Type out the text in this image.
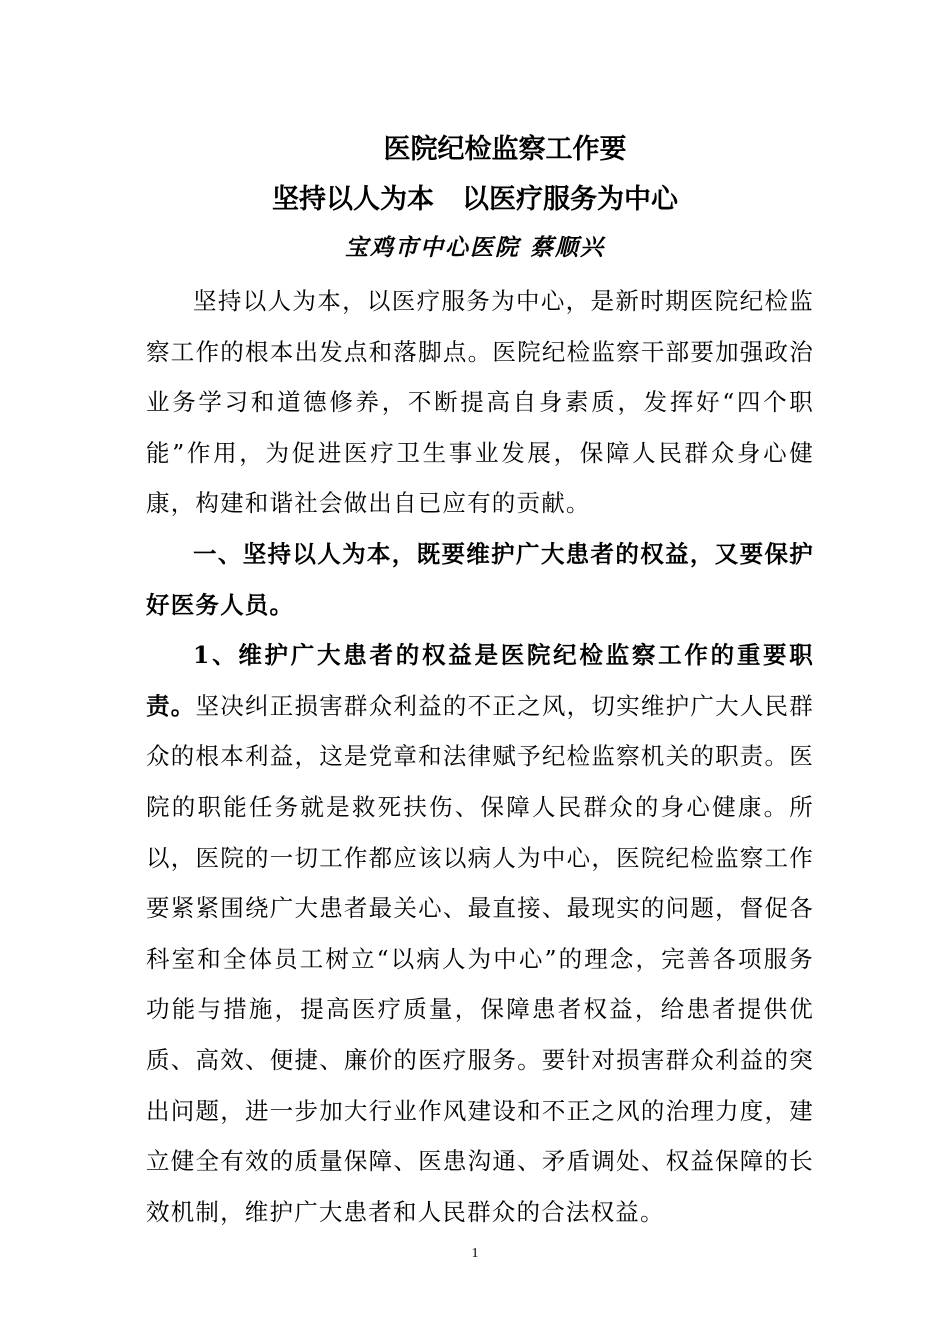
医院纪检监察工作要
坚持以人为本 以医疗服务为中心
宝鸡市中心医院 蔡顺兴

坚持以人为本，以医疗服务为中心，是新时期医院纪检监察工作的根本出发点和落脚点。医院纪检监察干部要加强政治业务学习和道德修养，不断提高自身素质，发挥好“四个职能”作用，为促进医疗卫生事业发展，保障人民群众身心健康，构建和谐社会做出自已应有的贡献。

一、坚持以人为本，既要维护广大患者的权益，又要保护好医务人员。

1、维护广大患者的权益是医院纪检监察工作的重要职责。坚决纠正损害群众利益的不正之风，切实维护广大人民群众的根本利益，这是党章和法律赋予纪检监察机关的职责。医院的职能任务就是救死扶伤、保障人民群众的身心健康。所以，医院的一切工作都应该以病人为中心，医院纪检监察工作要紧紧围绕广大患者最关心、最直接、最现实的问题，督促各科室和全体员工树立“以病人为中心”的理念，完善各项服务功能与措施，提高医疗质量，保障患者权益，给患者提供优质、高效、便捷、廉价的医疗服务。要针对损害群众利益的突出问题，进一步加大行业作风建设和不正之风的治理力度，建立健全有效的质量保障、医患沟通、矛盾调处、权益保障的长效机制，维护广大患者和人民群众的合法权益。

1
